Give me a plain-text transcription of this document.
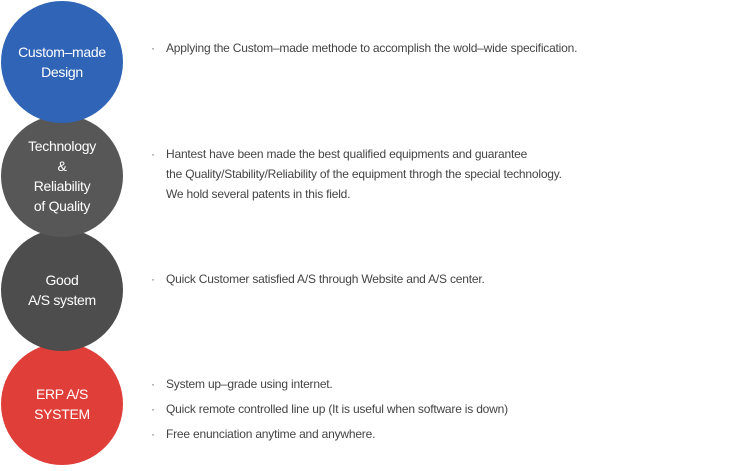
Custom–made
Design
Technology
&
Reliability
of Quality
Good
A/S system
ERP A/S
SYSTEM
· Applying the Custom–made methode to accomplish the wold–wide specification.
· Hantest have been made the best qualified equipments and guarantee
the Quality/Stability/Reliability of the equipment throgh the special technology.
We hold several patents in this field.
· Quick Customer satisfied A/S through Website and A/S center.
· System up–grade using internet.
· Quick remote controlled line up (It is useful when software is down)
· Free enunciation anytime and anywhere.
